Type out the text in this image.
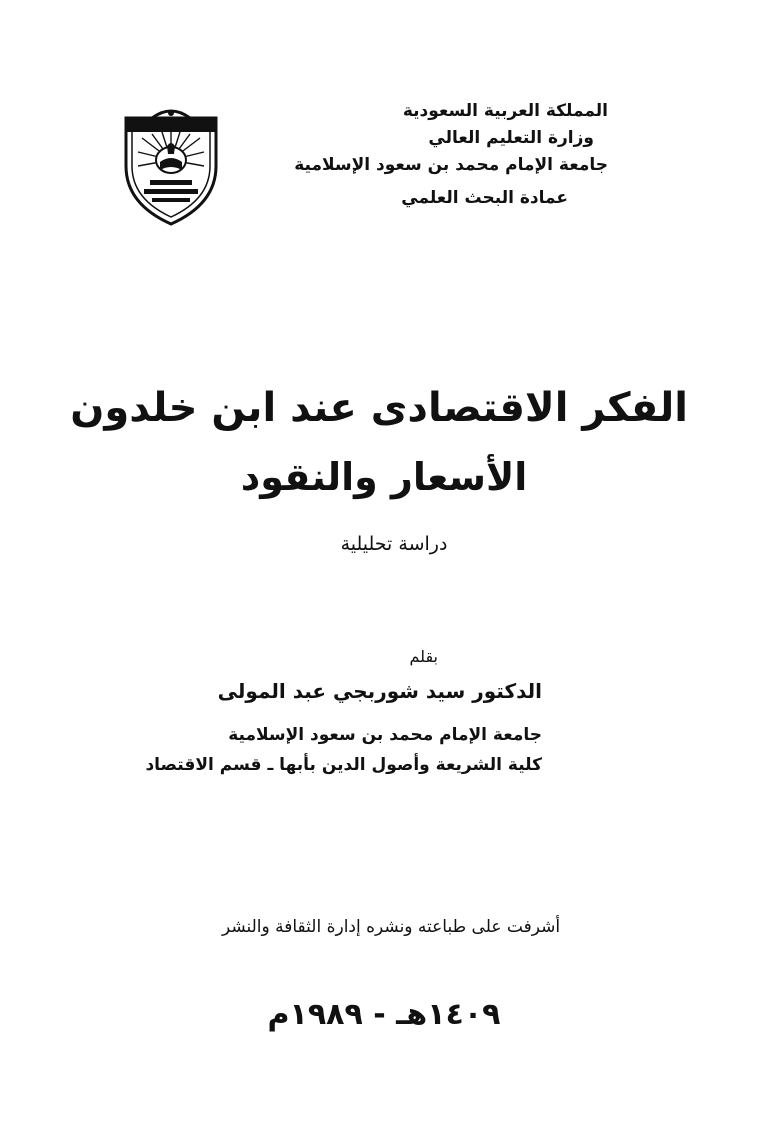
المملكة العربية السعودية
وزارة التعليم العالي
جامعة الإمام محمد بن سعود الإسلامية
عمادة البحث العلمي
الفكر الاقتصادى عند ابن خلدون
الأسعار والنقود
دراسة تحليلية
بقلم
الدكتور سيد شوربجي عبد المولى
جامعة الإمام محمد بن سعود الإسلامية
كلية الشريعة وأصول الدين بأبها ـ قسم الاقتصاد
أشرفت على طباعته ونشره إدارة الثقافة والنشر
١٤٠٩هـ - ١٩٨٩م
